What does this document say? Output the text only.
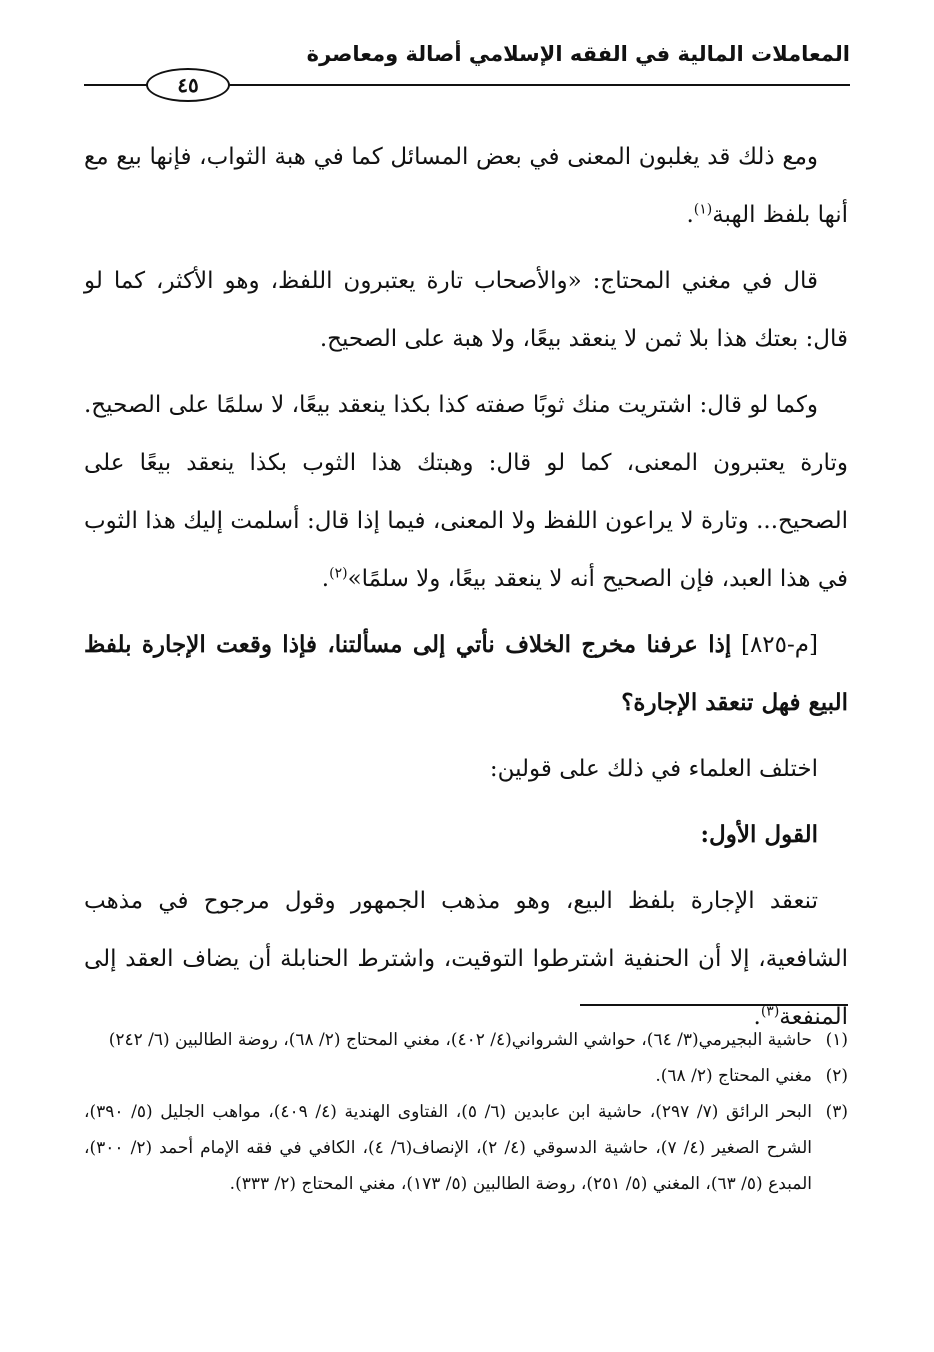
المعاملات المالية في الفقه الإسلامي أصالة ومعاصرة
٤٥

ومع ذلك قد يغلبون المعنى في بعض المسائل كما في هبة الثواب، فإنها بيع مع أنها بلفظ الهبة$^{(١)}$.

قال في مغني المحتاج: «والأصحاب تارة يعتبرون اللفظ، وهو الأكثر، كما لو قال: بعتك هذا بلا ثمن لا ينعقد بيعًا، ولا هبة على الصحيح.

وكما لو قال: اشتريت منك ثوبًا صفته كذا بكذا ينعقد بيعًا، لا سلمًا على الصحيح. وتارة يعتبرون المعنى، كما لو قال: وهبتك هذا الثوب بكذا ينعقد بيعًا على الصحيح... وتارة لا يراعون اللفظ ولا المعنى، فيما إذا قال: أسلمت إليك هذا الثوب في هذا العبد، فإن الصحيح أنه لا ينعقد بيعًا، ولا سلمًا»$^{(٢)}$.

[م-٨٢٥] إذا عرفنا مخرج الخلاف نأتي إلى مسألتنا، فإذا وقعت الإجارة بلفظ البيع فهل تنعقد الإجارة؟

اختلف العلماء في ذلك على قولين:

القول الأول:

تنعقد الإجارة بلفظ البيع، وهو مذهب الجمهور وقول مرجوح في مذهب الشافعية، إلا أن الحنفية اشترطوا التوقيت، واشترط الحنابلة أن يضاف العقد إلى المنفعة$^{(٣)}$.

(١)
حاشية البجيرمي(٣/ ٦٤)، حواشي الشرواني(٤/ ٤٠٢)، مغني المحتاج (٢/ ٦٨)، روضة الطالبين (٦/ ٢٤٢)
(٢)
مغني المحتاج (٢/ ٦٨).
(٣)
البحر الرائق (٧/ ٢٩٧)، حاشية ابن عابدين (٦/ ٥)، الفتاوى الهندية (٤/ ٤٠٩)، مواهب الجليل (٥/ ٣٩٠)، الشرح الصغير (٤/ ٧)، حاشية الدسوقي (٤/ ٢)، الإنصاف(٦/ ٤)، الكافي في فقه الإمام أحمد (٢/ ٣٠٠)، المبدع (٥/ ٦٣)، المغني (٥/ ٢٥١)، روضة الطالبين (٥/ ١٧٣)، مغني المحتاج (٢/ ٣٣٣).
